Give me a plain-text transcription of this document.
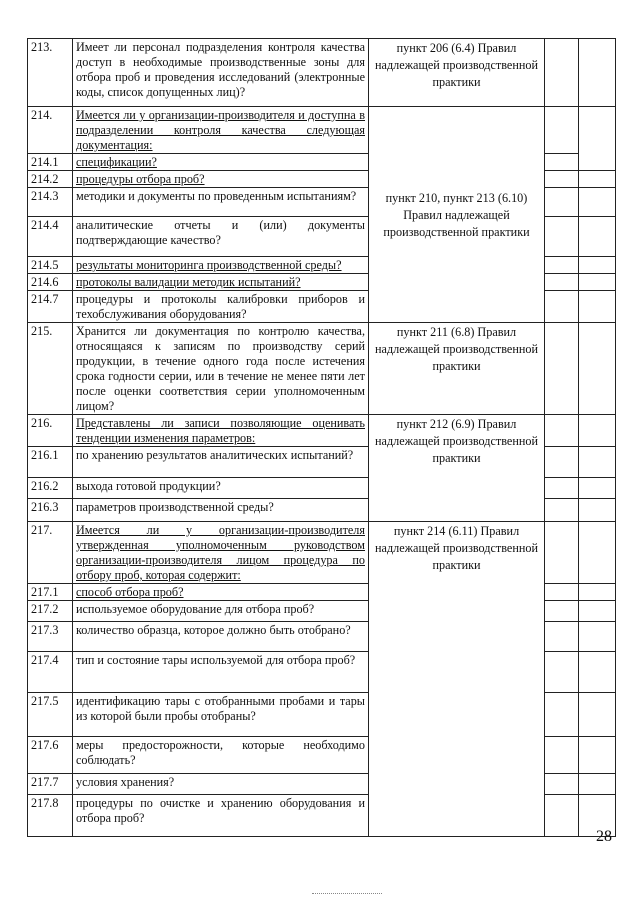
213.	Имеет ли персонал подразделения контроля качества доступ в необходимые производственные зоны для отбора проб и проведения исследований (электронные коды, список допущенных лиц)?	пункт 206 (6.4) Правил надлежащей производственной практики		
214.	Имеется ли у организации-производителя и доступна в подразделении контроля качества следующая документация:	пункт 210, пункт 213 (6.10) Правил надлежащей производственной практики		
214.1	спецификации?			
214.2	процедуры отбора проб?			
214.3	методики и документы по проведенным испытаниям?			
214.4	аналитические отчеты и (или) документы подтверждающие качество?			
214.5	результаты мониторинга производственной среды?			
214.6	протоколы валидации методик испытаний?			
214.7	процедуры и протоколы калибровки приборов и техобслуживания оборудования?			
215.	Хранится ли документация по контролю качества, относящаяся к записям по производству серий продукции, в течение одного года после истечения срока годности серии, или в течение не менее пяти лет после оценки соответствия серии уполномоченным лицом?	пункт 211 (6.8) Правил надлежащей производственной практики		
216.	Представлены ли записи позволяющие оценивать тенденции изменения параметров:	пункт 212 (6.9) Правил надлежащей производственной практики		
216.1	по хранению результатов аналитических испытаний?			
216.2	выхода готовой продукции?			
216.3	параметров производственной среды?			
217.	Имеется ли у организации-производителя утвержденная уполномоченным руководством организации-производителя лицом процедура по отбору проб, которая содержит:	пункт 214 (6.11) Правил надлежащей производственной практики		
217.1	способ отбора проб?			
217.2	используемое оборудование для отбора проб?			
217.3	количество образца, которое должно быть отобрано?			
217.4	тип и состояние тары используемой для отбора проб?			
217.5	идентификацию тары с отобранными пробами и тары из которой были пробы отобраны?			
217.6	меры предосторожности, которые необходимо соблюдать?			
217.7	условия хранения?			
217.8	процедуры по очистке и хранению оборудования и отбора проб?			
28
